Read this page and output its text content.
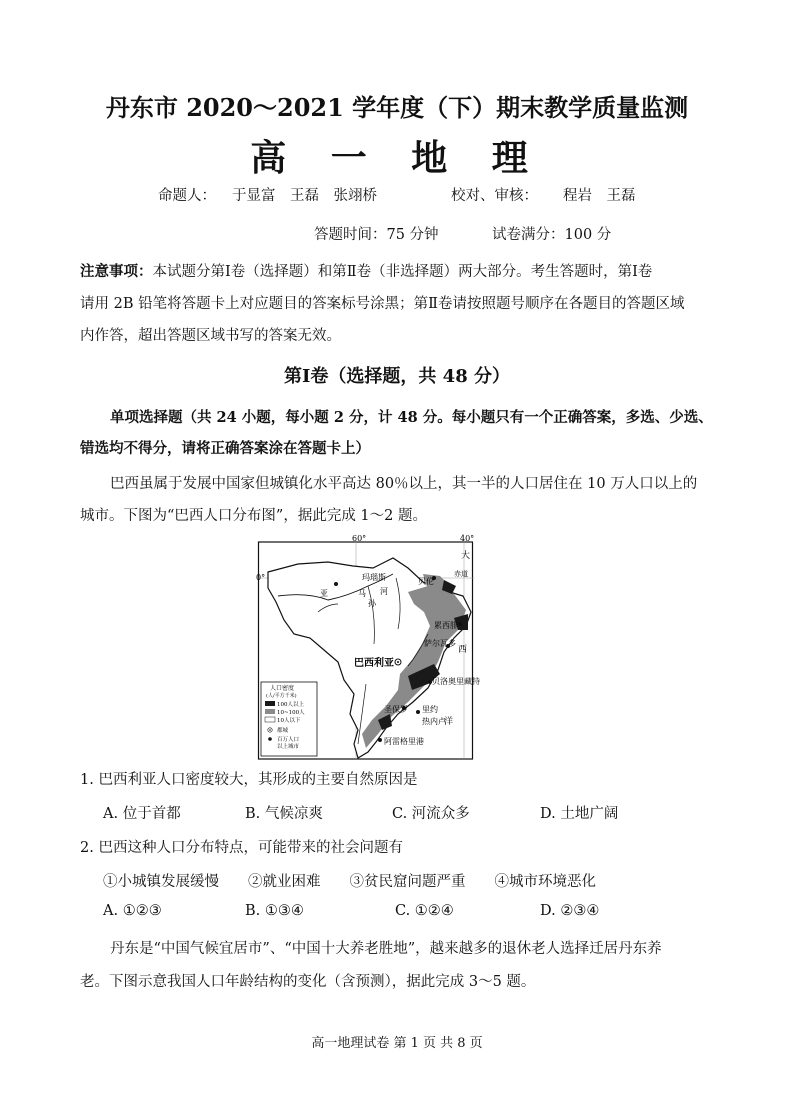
丹东市 2020～2021 学年度（下）期末教学质量监测
高 一 地 理
命题人： 于显富　王磊　张翊桥	校对、审核： 程岩　王磊
答题时间：75 分钟	试卷满分：100 分
注意事项：本试题分第Ⅰ卷（选择题）和第Ⅱ卷（非选择题）两大部分。考生答题时，第Ⅰ卷
请用 2B 铅笔将答题卡上对应题目的答案标号涂黑；第Ⅱ卷请按照题号顺序在各题目的答题区域
内作答，超出答题区域书写的答案无效。
第Ⅰ卷（选择题，共 48 分）
单项选择题（共 24 小题，每小题 2 分，计 48 分。每小题只有一个正确答案，多选、少选、
错选均不得分，请将正确答案涂在答题卡上）
巴西虽属于发展中国家但城镇化水平高达 80％以上，其一半的人口居住在 10 万人口以上的
城市。下图为“巴西人口分布图”，据此完成 1～2 题。
60°	40°
0°
大
赤道
西
洋
亚	马
孙
河
玛瑙斯	贝伦
累西腓
萨尔瓦多
巴西利亚
贝洛奥里藏特
圣保罗 里约
热内卢
阿雷格里港
人口密度
(人/平方千米)
100人以上
10~100人
10人以下
都城
百万人口
以上城市
1. 巴西利亚人口密度较大，其形成的主要自然原因是
A. 位于首都	B. 气候凉爽	C. 河流众多	D. 土地广阔
2. 巴西这种人口分布特点，可能带来的社会问题有
①小城镇发展缓慢　　②就业困难　　③贫民窟问题严重　　④城市环境恶化
A. ①②③	B. ①③④	C. ①②④	D. ②③④
丹东是“中国气候宜居市”、“中国十大养老胜地”，越来越多的退休老人选择迁居丹东养
老。下图示意我国人口年龄结构的变化（含预测），据此完成 3～5 题。
高一地理试卷 第 1 页 共 8 页
